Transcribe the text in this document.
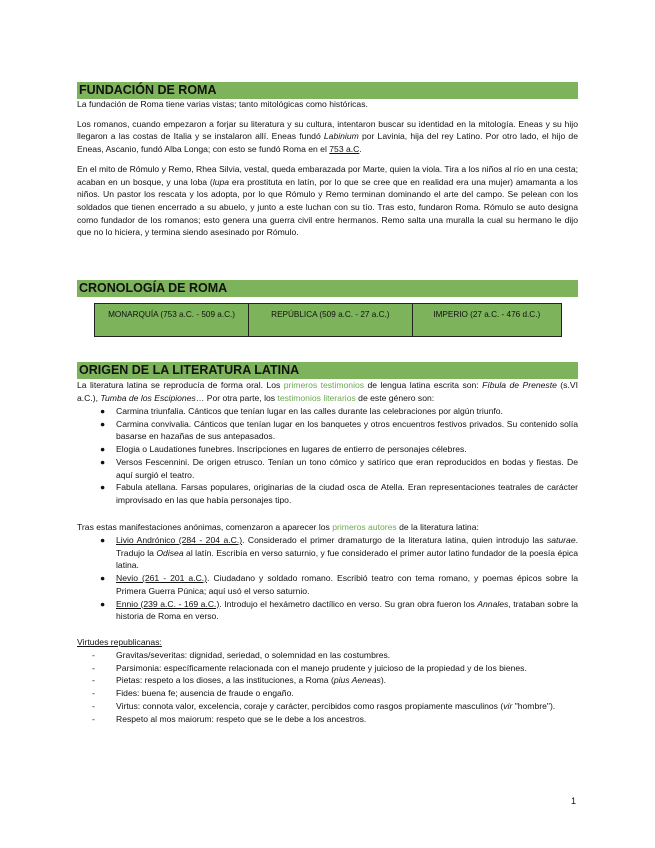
FUNDACIÓN DE ROMA

La fundación de Roma tiene varias vistas; tanto mitológicas como históricas.

Los romanos, cuando empezaron a forjar su literatura y su cultura, intentaron buscar su identidad en la mitología. Eneas y su hijo llegaron a las costas de Italia y se instalaron allí. Eneas fundó Labinium por Lavinia, hija del rey Latino. Por otro lado, el hijo de Eneas, Ascanio, fundó Alba Longa; con esto se fundó Roma en el 753 a.C.

En el mito de Rómulo y Remo, Rhea Silvia, vestal, queda embarazada por Marte, quien la viola. Tira a los niños al río en una cesta; acaban en un bosque, y una loba (lupa era prostituta en latín, por lo que se cree que en realidad era una mujer) amamanta a los niños. Un pastor los rescata y los adopta, por lo que Rómulo y Remo terminan dominando el arte del campo. Se pelean con los soldados que tienen encerrado a su abuelo, y junto a este luchan con su tío. Tras esto, fundaron Roma. Rómulo se auto designa como fundador de los romanos; esto genera una guerra civil entre hermanos. Remo salta una muralla la cual su hermano le dijo que no lo hiciera, y termina siendo asesinado por Rómulo.

CRONOLOGÍA DE ROMA
MONARQUÍA (753 a.C. - 509 a.C.)	REPÚBLICA (509 a.C. - 27 a.C.)	IMPERIO (27 a.C. - 476 d.C.)
ORIGEN DE LA LITERATURA LATINA
La literatura latina se reproducía de forma oral. Los primeros testimonios de lengua latina escrita son: Fíbula de Preneste (s.VI a.C.), Tumba de los Escipiones… Por otra parte, los testimonios literarios de este género son:
● Carmina triunfalia. Cánticos que tenían lugar en las calles durante las celebraciones por algún triunfo.
● Carmina convivalia. Cánticos que tenían lugar en los banquetes y otros encuentros festivos privados. Su contenido solía basarse en hazañas de sus antepasados.
● Elogia o Laudationes funebres. Inscripciones en lugares de entierro de personajes célebres.
● Versos Fescennini. De origen etrusco. Tenían un tono cómico y satírico que eran reproducidos en bodas y fiestas. De aquí surgió el teatro.
● Fabula atellana. Farsas populares, originarias de la ciudad osca de Atella. Eran representaciones teatrales de carácter improvisado en las que había personajes tipo.
Tras estas manifestaciones anónimas, comenzaron a aparecer los primeros autores de la literatura latina:
● Livio Andrónico (284 - 204 a.C.). Considerado el primer dramaturgo de la literatura latina, quien introdujo las saturae. Tradujo la Odisea al latín. Escribía en verso saturnio, y fue considerado el primer autor latino fundador de la poesía épica latina.
● Nevio (261 - 201 a.C.). Ciudadano y soldado romano. Escribió teatro con tema romano, y poemas épicos sobre la Primera Guerra Púnica; aquí usó el verso saturnio.
● Ennio (239 a.C. - 169 a.C.). Introdujo el hexámetro dactílico en verso. Su gran obra fueron los Annales, trataban sobre la historia de Roma en verso.
Virtudes republicanas:
- Gravitas/severitas: dignidad, seriedad, o solemnidad en las costumbres.
- Parsimonia: específicamente relacionada con el manejo prudente y juicioso de la propiedad y de los bienes.
- Pietas: respeto a los dioses, a las instituciones, a Roma (pius Aeneas).
- Fides: buena fe; ausencia de fraude o engaño.
- Virtus: connota valor, excelencia, coraje y carácter, percibidos como rasgos propiamente masculinos (vir "hombre").
- Respeto al mos maiorum: respeto que se le debe a los ancestros.
1
